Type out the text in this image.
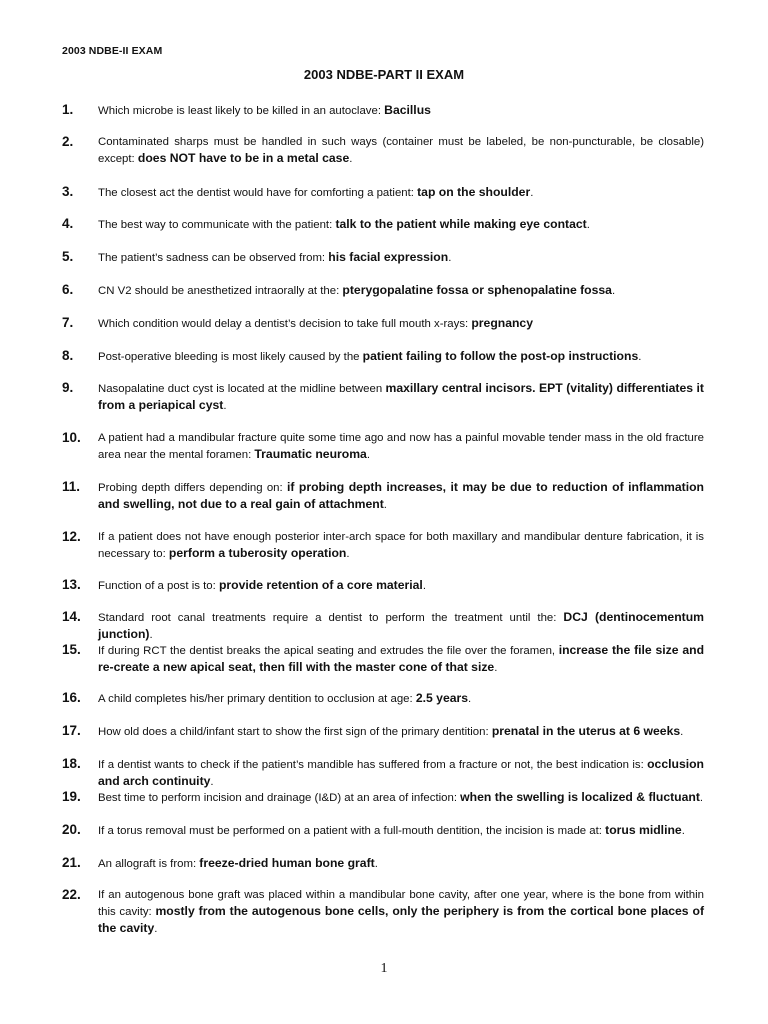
2003 NDBE-II EXAM
2003 NDBE-PART II EXAM
1.	Which microbe is least likely to be killed in an autoclave: Bacillus
2.	Contaminated sharps must be handled in such ways (container must be labeled, be non-puncturable, be closable) except: does NOT have to be in a metal case.
3.	The closest act the dentist would have for comforting a patient: tap on the shoulder.
4.	The best way to communicate with the patient: talk to the patient while making eye contact.
5.	The patient’s sadness can be observed from: his facial expression.
6.	CN V2 should be anesthetized intraorally at the: pterygopalatine fossa or sphenopalatine fossa.
7.	Which condition would delay a dentist’s decision to take full mouth x-rays: pregnancy
8.	Post-operative bleeding is most likely caused by the patient failing to follow the post-op instructions.
9.	Nasopalatine duct cyst is located at the midline between maxillary central incisors. EPT (vitality) differentiates it from a periapical cyst.
10.	A patient had a mandibular fracture quite some time ago and now has a painful movable tender mass in the old fracture area near the mental foramen: Traumatic neuroma.
11.	Probing depth differs depending on: if probing depth increases, it may be due to reduction of inflammation and swelling, not due to a real gain of attachment.
12.	If a patient does not have enough posterior inter-arch space for both maxillary and mandibular denture fabrication, it is necessary to: perform a tuberosity operation.
13.	Function of a post is to: provide retention of a core material.
14.	Standard root canal treatments require a dentist to perform the treatment until the: DCJ (dentinocementum junction).
15.	If during RCT the dentist breaks the apical seating and extrudes the file over the foramen, increase the file size and re-create a new apical seat, then fill with the master cone of that size.
16.	A child completes his/her primary dentition to occlusion at age: 2.5 years.
17.	How old does a child/infant start to show the first sign of the primary dentition: prenatal in the uterus at 6 weeks.
18.	If a dentist wants to check if the patient’s mandible has suffered from a fracture or not, the best indication is: occlusion and arch continuity.
19.	Best time to perform incision and drainage (I&D) at an area of infection: when the swelling is localized & fluctuant.
20.	If a torus removal must be performed on a patient with a full-mouth dentition, the incision is made at: torus midline.
21.	An allograft is from: freeze-dried human bone graft.
22.	If an autogenous bone graft was placed within a mandibular bone cavity, after one year, where is the bone from within this cavity: mostly from the autogenous bone cells, only the periphery is from the cortical bone places of the cavity.
1
